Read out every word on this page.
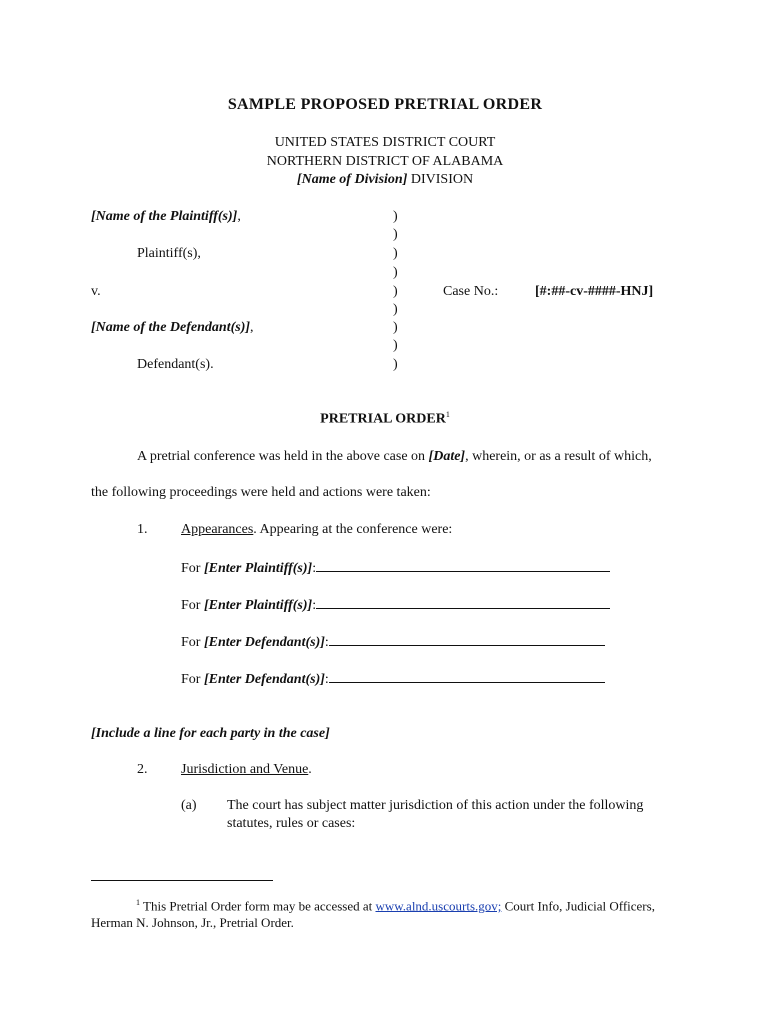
SAMPLE PROPOSED PRETRIAL ORDER
UNITED STATES DISTRICT COURT
NORTHERN DISTRICT OF ALABAMA
[Name of Division] DIVISION
[Name of the Plaintiff(s)],
Plaintiff(s),
v.
[Name of the Defendant(s)],
Defendant(s).
)
)
)
)
)
)
)
)
)
Case No.:	[#:##-cv-####-HNJ]
PRETRIAL ORDER$^1$
A pretrial conference was held in the above case on [Date], wherein, or as a result of which,
the following proceedings were held and actions were taken:
1. Appearances. Appearing at the conference were:
For [Enter Plaintiff(s)]:
For [Enter Plaintiff(s)]:
For [Enter Defendant(s)]:
For [Enter Defendant(s)]:
[Include a line for each party in the case]
2. Jurisdiction and Venue.
(a) The court has subject matter jurisdiction of this action under the following
statutes, rules or cases:
$^1$ This Pretrial Order form may be accessed at www.alnd.uscourts.gov; Court Info, Judicial Officers,
Herman N. Johnson, Jr., Pretrial Order.
